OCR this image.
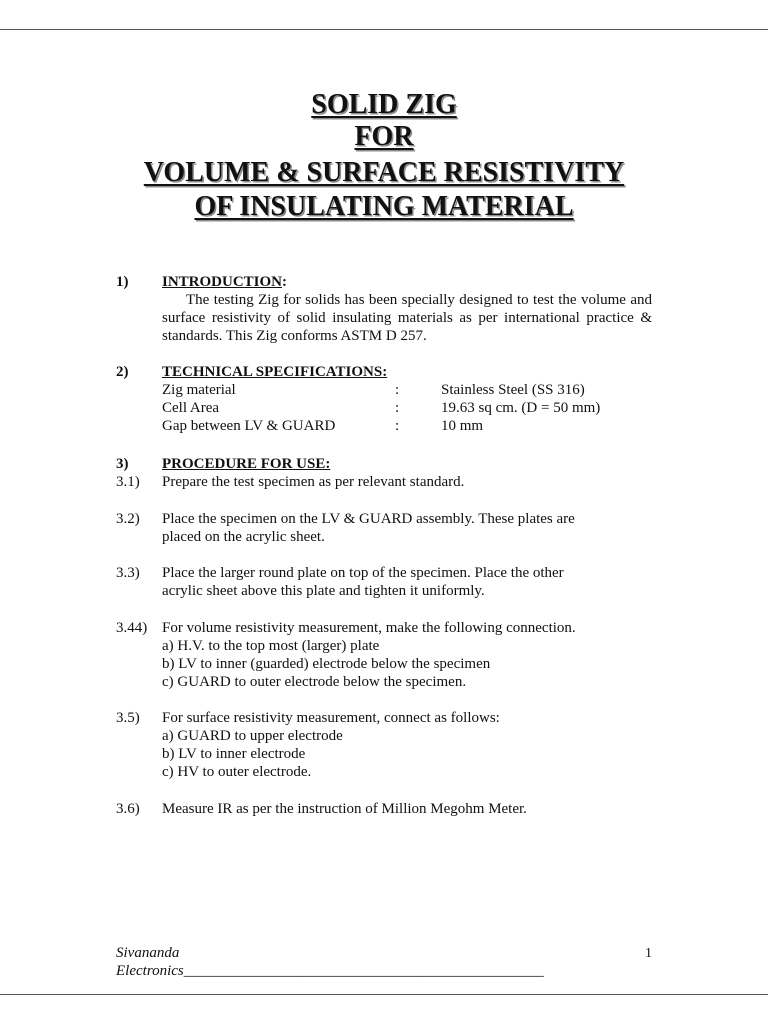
SOLID ZIG
FOR
VOLUME & SURFACE RESISTIVITY
OF INSULATING MATERIAL
1) INTRODUCTION:
The testing Zig for solids has been specially designed to test the volume and surface resistivity of solid insulating materials as per international practice & standards. This Zig conforms ASTM D 257.
2) TECHNICAL SPECIFICATIONS:
Zig material	:	Stainless Steel (SS 316)
Cell Area	:	19.63 sq cm. (D = 50 mm)
Gap between LV & GUARD	:	10 mm
3) PROCEDURE FOR USE:
3.1) Prepare the test specimen as per relevant standard.
3.2) Place the specimen on the LV & GUARD assembly. These plates are
placed on the acrylic sheet.
3.3) Place the larger round plate on top of the specimen. Place the other
acrylic sheet above this plate and tighten it uniformly.
3.44) For volume resistivity measurement, make the following connection.
a) H.V. to the top most (larger) plate
b) LV to inner (guarded) electrode below the specimen
c) GUARD to outer electrode below the specimen.
3.5) For surface resistivity measurement, connect as follows:
a) GUARD to upper electrode
b) LV to inner electrode
c) HV to outer electrode.
3.6) Measure IR as per the instruction of Million Megohm Meter.
Sivananda
Electronics________________________________________________
1
